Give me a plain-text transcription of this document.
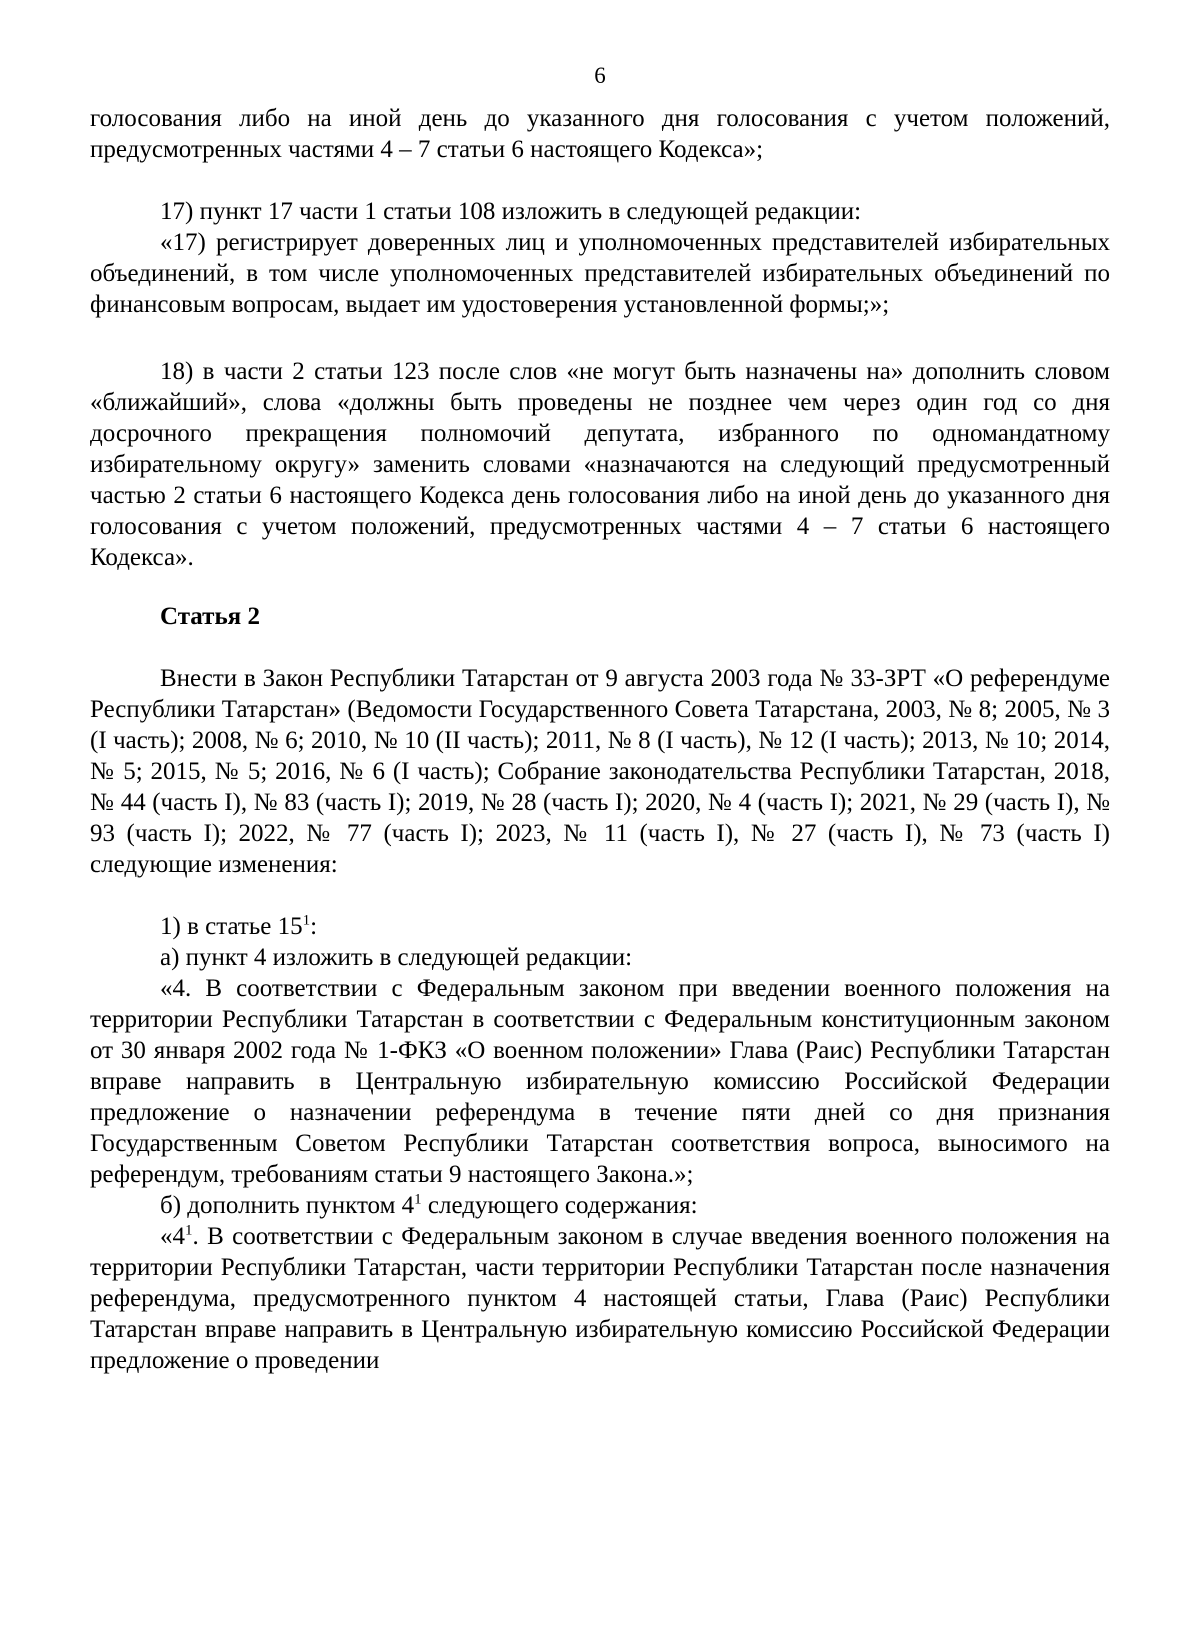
6

голосования либо на иной день до указанного дня голосования с учетом положений, предусмотренных частями 4 – 7 статьи 6 настоящего Кодекса»;

17) пункт 17 части 1 статьи 108 изложить в следующей редакции:

«17) регистрирует доверенных лиц и уполномоченных представителей избирательных объединений, в том числе уполномоченных представителей избирательных объединений по финансовым вопросам, выдает им удостоверения установленной формы;»;

18) в части 2 статьи 123 после слов «не могут быть назначены на» дополнить словом «ближайший», слова «должны быть проведены не позднее чем через один год со дня досрочного прекращения полномочий депутата, избранного по одномандатному избирательному округу» заменить словами «назначаются на следующий предусмотренный частью 2 статьи 6 настоящего Кодекса день голосования либо на иной день до указанного дня голосования с учетом положений, предусмотренных частями 4 – 7 статьи 6 настоящего Кодекса».

Статья 2

Внести в Закон Республики Татарстан от 9 августа 2003 года № 33-ЗРТ «О референдуме Республики Татарстан» (Ведомости Государственного Совета Татарстана, 2003, № 8; 2005, № 3 (I часть); 2008, № 6; 2010, № 10 (II часть); 2011, № 8 (I часть), № 12 (I часть); 2013, № 10; 2014, № 5; 2015, № 5; 2016, № 6 (I часть); Собрание законодательства Республики Татарстан, 2018, № 44 (часть I), № 83 (часть I); 2019, № 28 (часть I); 2020, № 4 (часть I); 2021, № 29 (часть I), № 93 (часть I); 2022, № 77 (часть I); 2023, № 11 (часть I), № 27 (часть I), № 73 (часть I) следующие изменения:

1) в статье $15^1$:

а) пункт 4 изложить в следующей редакции:

«4. В соответствии с Федеральным законом при введении военного положения на территории Республики Татарстан в соответствии с Федеральным конституционным законом от 30 января 2002 года № 1-ФКЗ «О военном положении» Глава (Раис) Республики Татарстан вправе направить в Центральную избирательную комиссию Российской Федерации предложение о назначении референдума в течение пяти дней со дня признания Государственным Советом Республики Татарстан соответствия вопроса, выносимого на референдум, требованиям статьи 9 настоящего Закона.»;

б) дополнить пунктом $4^1$ следующего содержания:

«$4^1$. В соответствии с Федеральным законом в случае введения военного положения на территории Республики Татарстан, части территории Республики Татарстан после назначения референдума, предусмотренного пунктом 4 настоящей статьи, Глава (Раис) Республики Татарстан вправе направить в Центральную избирательную комиссию Российской Федерации предложение о проведении
